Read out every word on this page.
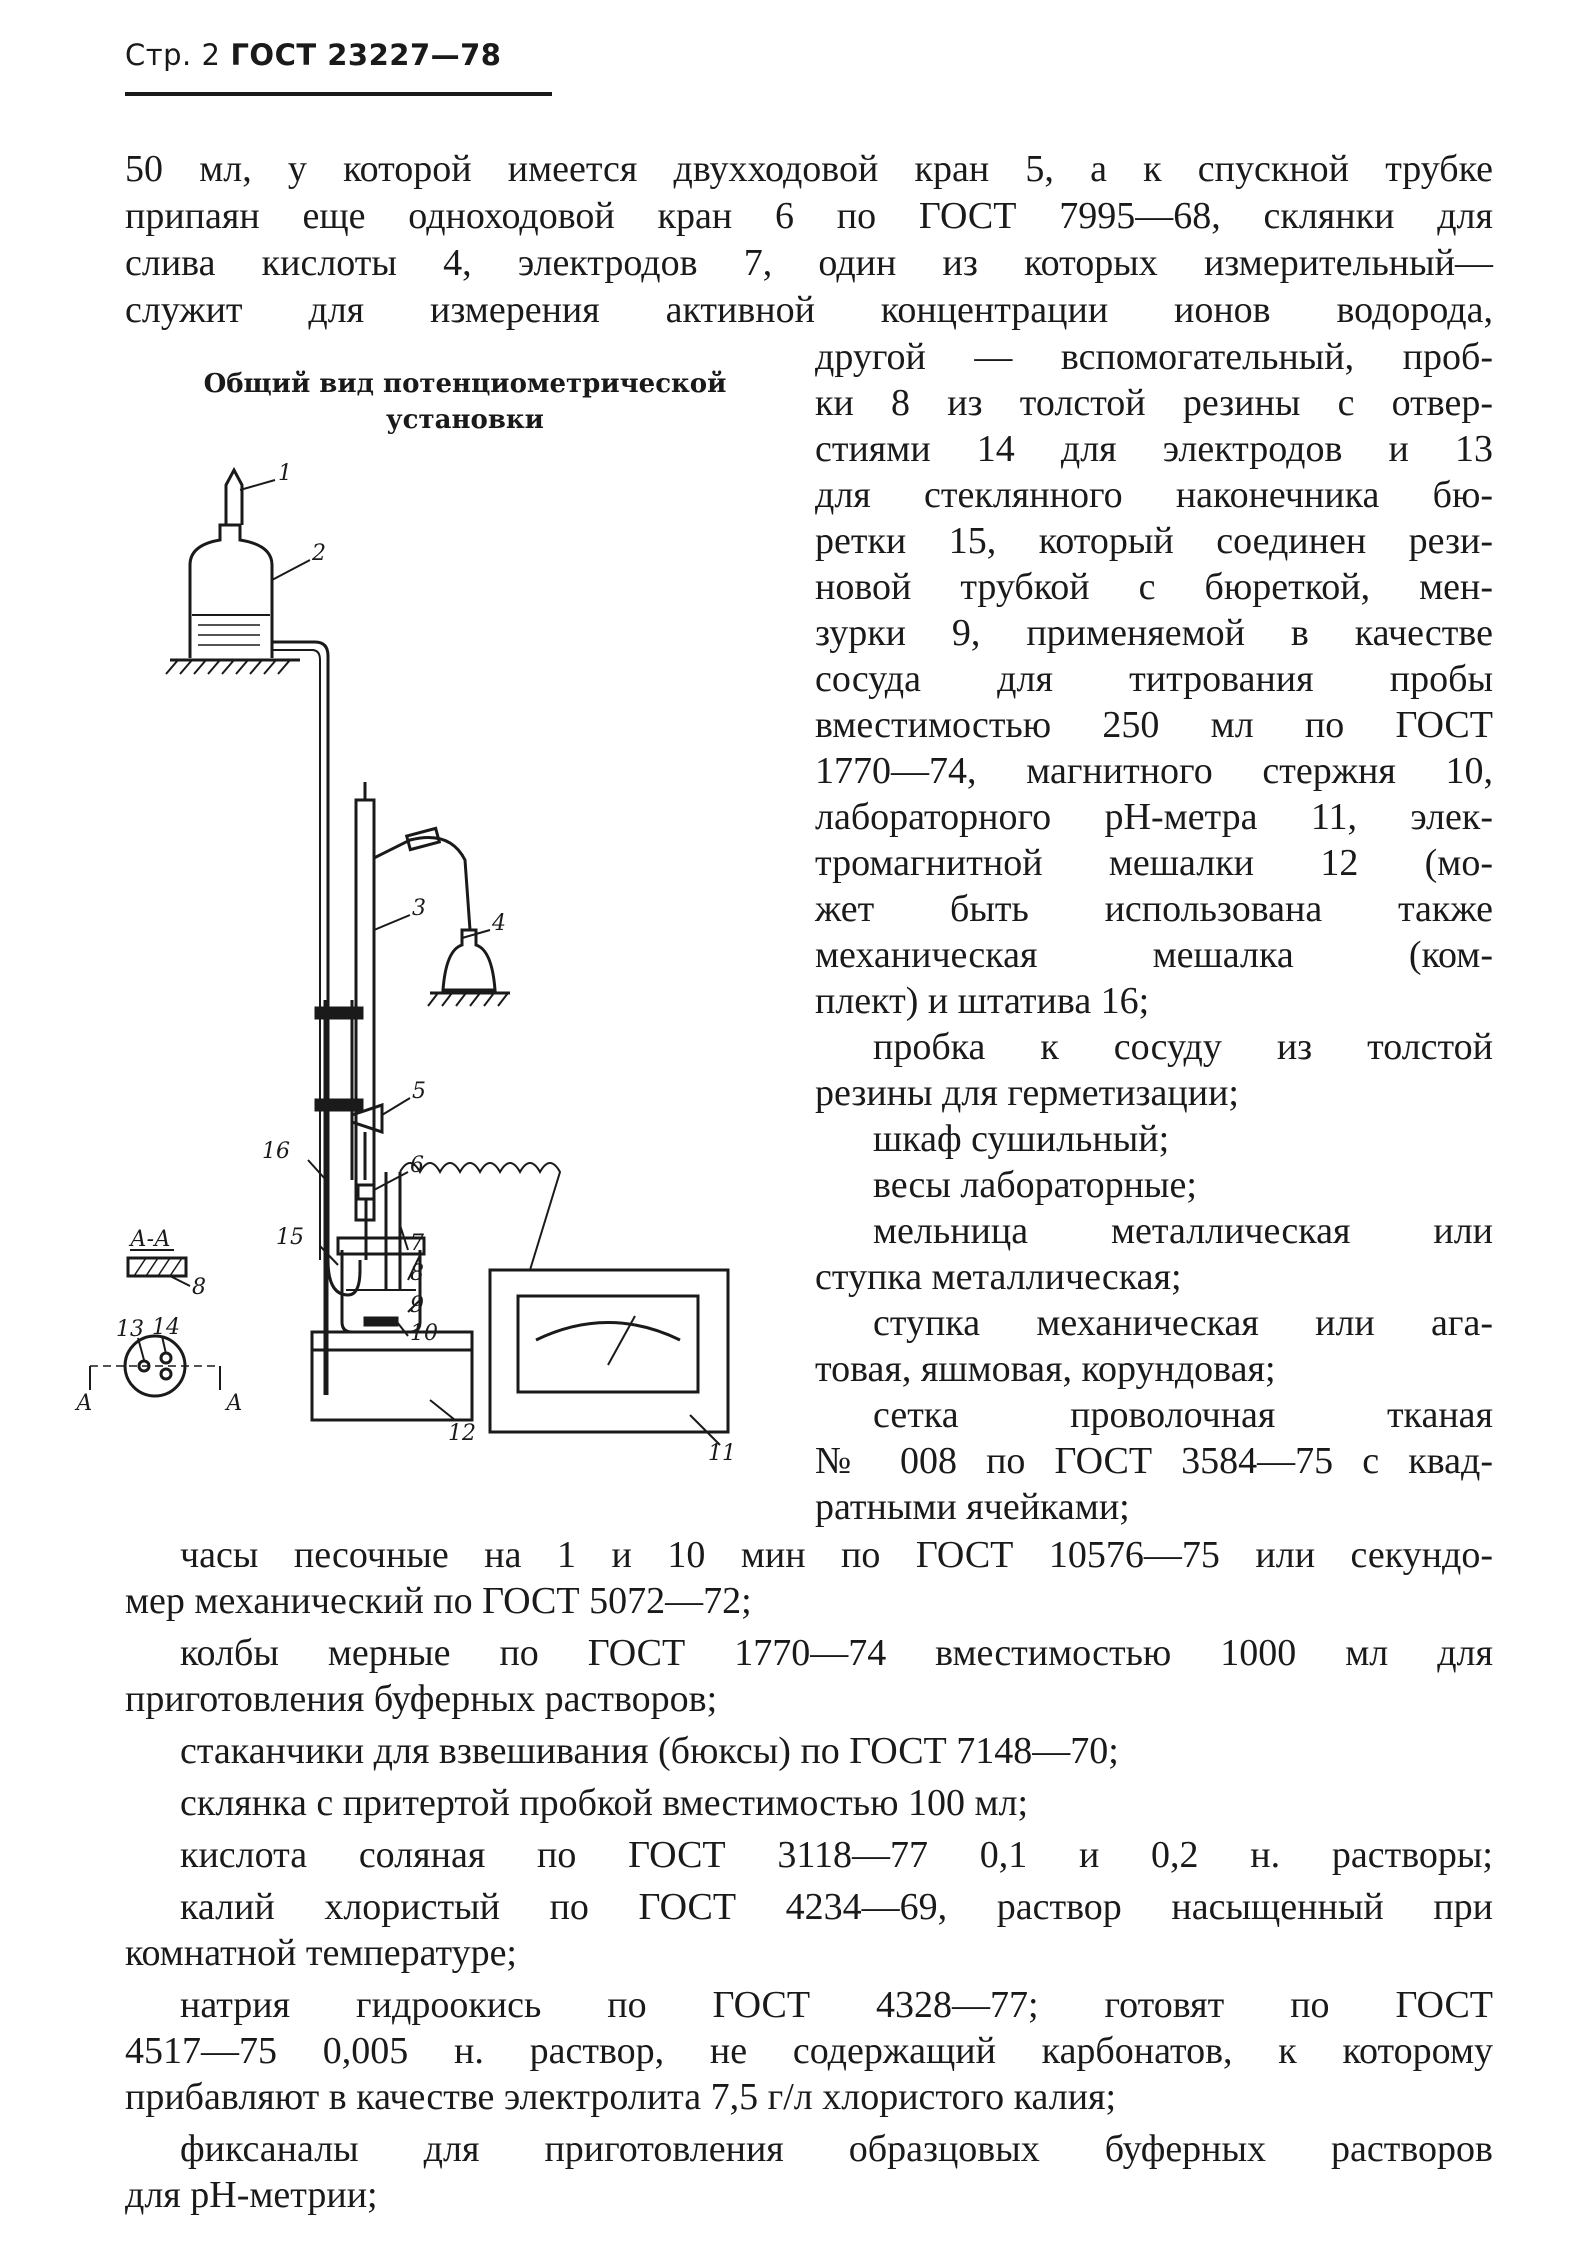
Стр. 2 ГОСТ 23227—78
50 мл, у которой имеется двухходовой кран 5, а к спускной трубке
припаян еще одноходовой кран 6 по ГОСТ 7995—68, склянки для
слива кислоты 4, электродов 7, один из которых измерительный—
служит для измерения активной концентрации ионов водорода,
Общий вид потенциометрической
установки
1
2
3
4
5
6
7
8
9
10
11
12
13 14
15
16
А-А
8
А	А
другой — вспомогательный, проб-
ки 8 из толстой резины с отвер-
стиями 14 для электродов и 13
для стеклянного наконечника бю-
ретки 15, который соединен рези-
новой трубкой с бюреткой, мен-
зурки 9, применяемой в качестве
сосуда для титрования пробы
вместимостью 250 мл по ГОСТ
1770—74, магнитного стержня 10,
лабораторного pH-метра 11, элек-
тромагнитной мешалки 12 (мо-
жет быть использована также
механическая мешалка (ком-
плект) и штатива 16;
пробка к сосуду из толстой
резины для герметизации;
шкаф сушильный;
весы лабораторные;
мельница металлическая или
ступка металлическая;
ступка механическая или ага-
товая, яшмовая, корундовая;
сетка проволочная тканая
№ 008 по ГОСТ 3584—75 с квад-
ратными ячейками;
часы песочные на 1 и 10 мин по ГОСТ 10576—75 или секундо-
мер механический по ГОСТ 5072—72;
колбы мерные по ГОСТ 1770—74 вместимостью 1000 мл для
приготовления буферных растворов;
стаканчики для взвешивания (бюксы) по ГОСТ 7148—70;
склянка с притертой пробкой вместимостью 100 мл;
кислота соляная по ГОСТ 3118—77 0,1 и 0,2 н. растворы;
калий хлористый по ГОСТ 4234—69, раствор насыщенный при
комнатной температуре;
натрия гидроокись по ГОСТ 4328—77; готовят по ГОСТ
4517—75 0,005 н. раствор, не содержащий карбонатов, к которому
прибавляют в качестве электролита 7,5 г/л хлористого калия;
фиксаналы для приготовления образцовых буферных растворов
для pH-метрии;
